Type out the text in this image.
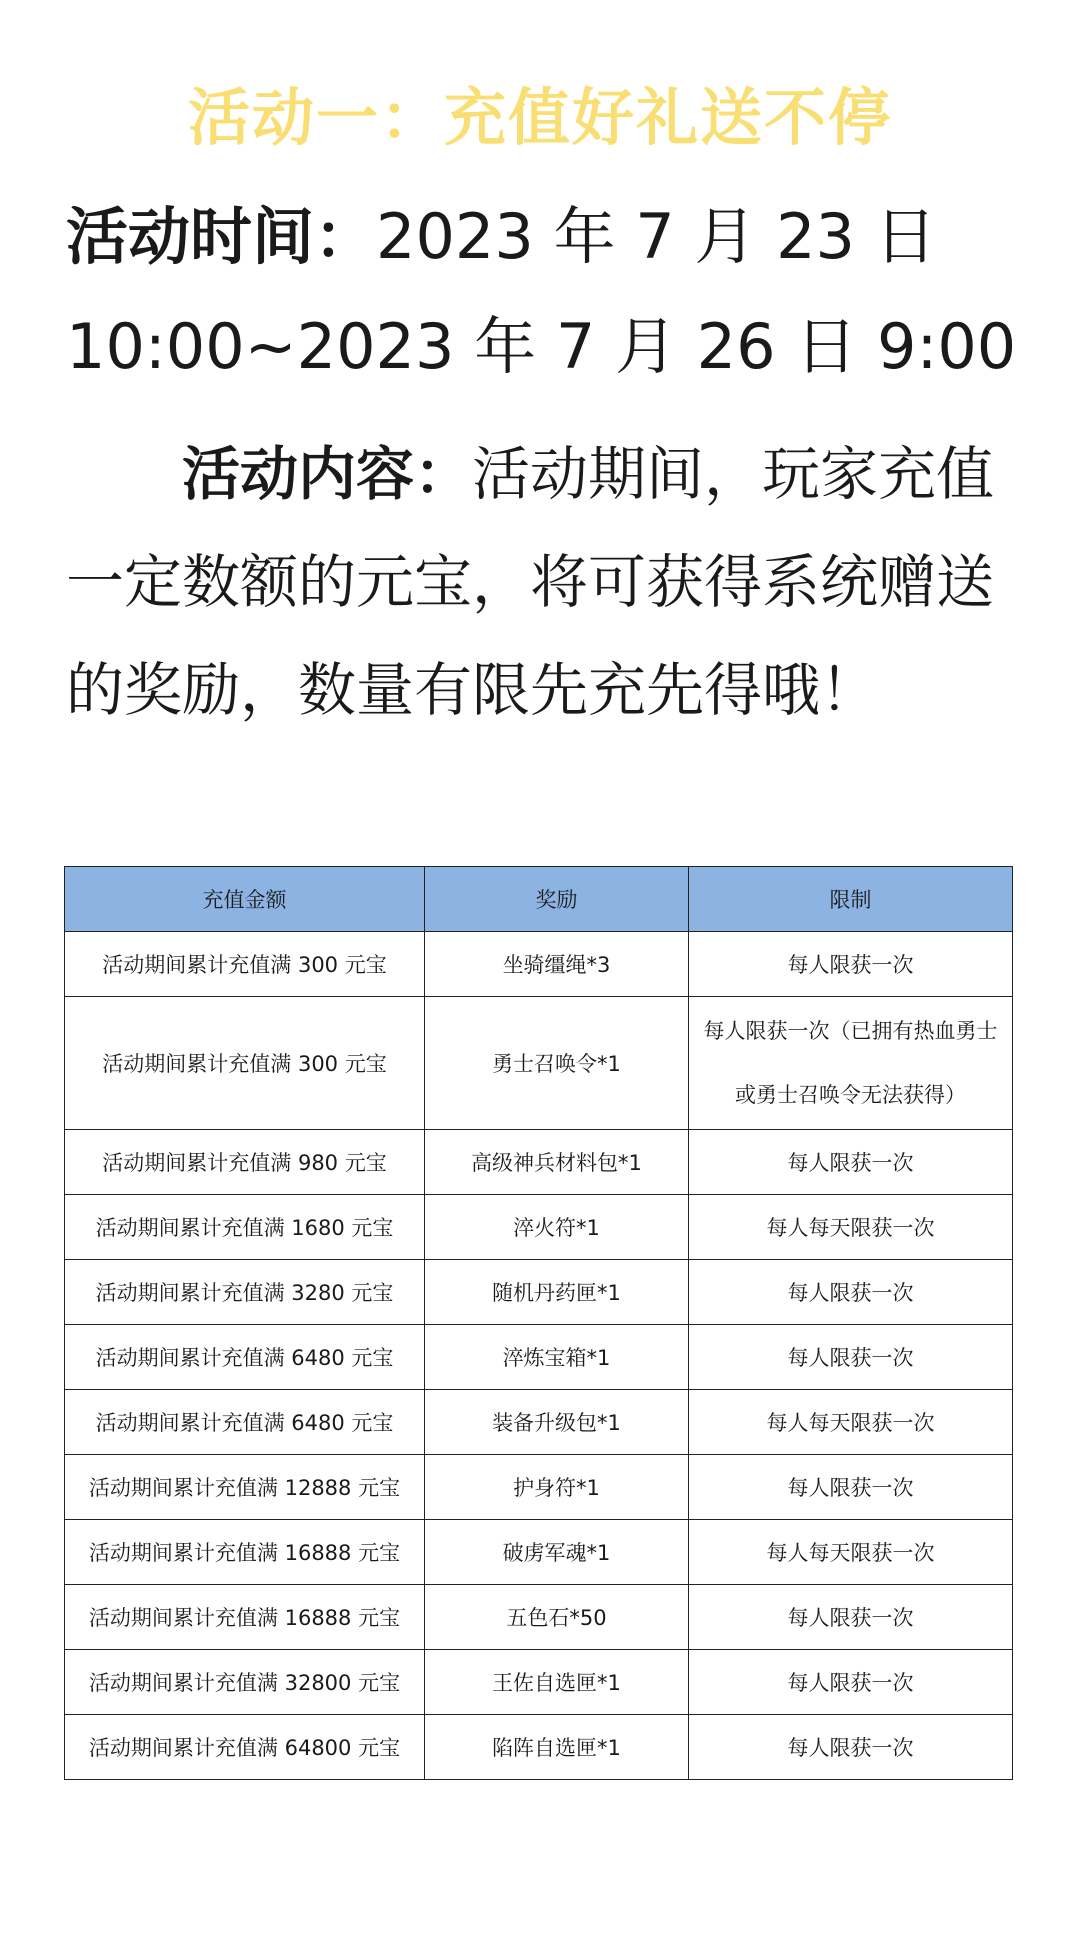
活动一：充值好礼送不停
活动时间：2023 年 7 月 23 日 10:00~2023 年 7 月 26 日 9:00
活动内容：活动期间，玩家充值一定数额的元宝，将可获得系统赠送的奖励，数量有限先充先得哦！
充值金额	奖励	限制
活动期间累计充值满 300 元宝	坐骑缰绳*3	每人限获一次
活动期间累计充值满 300 元宝	勇士召唤令*1	每人限获一次（已拥有热血勇士或勇士召唤令无法获得）
活动期间累计充值满 980 元宝	高级神兵材料包*1	每人限获一次
活动期间累计充值满 1680 元宝	淬火符*1	每人每天限获一次
活动期间累计充值满 3280 元宝	随机丹药匣*1	每人限获一次
活动期间累计充值满 6480 元宝	淬炼宝箱*1	每人限获一次
活动期间累计充值满 6480 元宝	装备升级包*1	每人每天限获一次
活动期间累计充值满 12888 元宝	护身符*1	每人限获一次
活动期间累计充值满 16888 元宝	破虏军魂*1	每人每天限获一次
活动期间累计充值满 16888 元宝	五色石*50	每人限获一次
活动期间累计充值满 32800 元宝	王佐自选匣*1	每人限获一次
活动期间累计充值满 64800 元宝	陷阵自选匣*1	每人限获一次
